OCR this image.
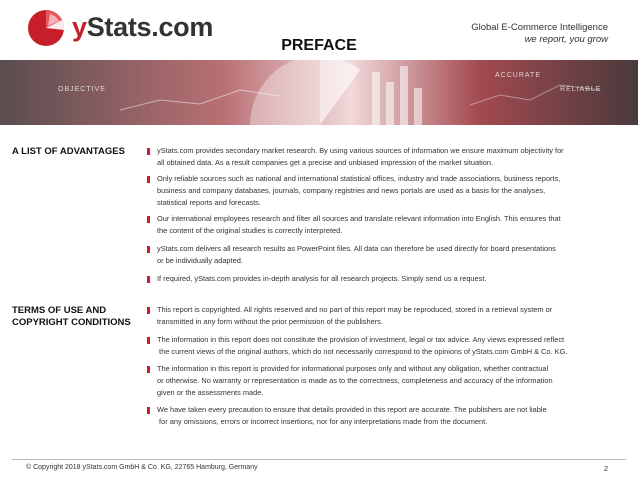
yStats.com	Global E-Commerce Intelligence
we report, you grow
PREFACE
OBJECTIVE
ACCURATE
RELIABLE
A LIST OF ADVANTAGES	yStats.com provides secondary market research. By using various sources of information we ensure maximum objectivity for
all obtained data. As a result companies get a precise and unbiased impression of the market situation.
Only reliable sources such as national and international statistical offices, industry and trade associations, business reports,
business and company databases, journals, company registries and news portals are used as a basis for the analyses,
statistical reports and forecasts.
Our international employees research and filter all sources and translate relevant information into English. This ensures that
the content of the original studies is correctly interpreted.
yStats.com delivers all research results as PowerPoint files. All data can therefore be used directly for board presentations
or be individually adapted.
If required, yStats.com provides in-depth analysis for all research projects. Simply send us a request.
TERMS OF USE AND
COPYRIGHT CONDITIONS
This report is copyrighted. All rights reserved and no part of this report may be reproduced, stored in a retrieval system or
transmitted in any form without the prior permission of the publishers.
The information in this report does not constitute the provision of investment, legal or tax advice. Any views expressed reflect
the current views of the original authors, which do not necessarily correspond to the opinions of yStats.com GmbH & Co. KG.
The information in this report is provided for informational purposes only and without any obligation, whether contractual
or otherwise. No warranty or representation is made as to the correctness, completeness and accuracy of the information
given or the assessments made.
We have taken every precaution to ensure that details provided in this report are accurate. The publishers are not liable
for any omissions, errors or incorrect insertions, nor for any interpretations made from the document.
© Copyright 2018 yStats.com GmbH & Co. KG, 22765 Hamburg, Germany	2
